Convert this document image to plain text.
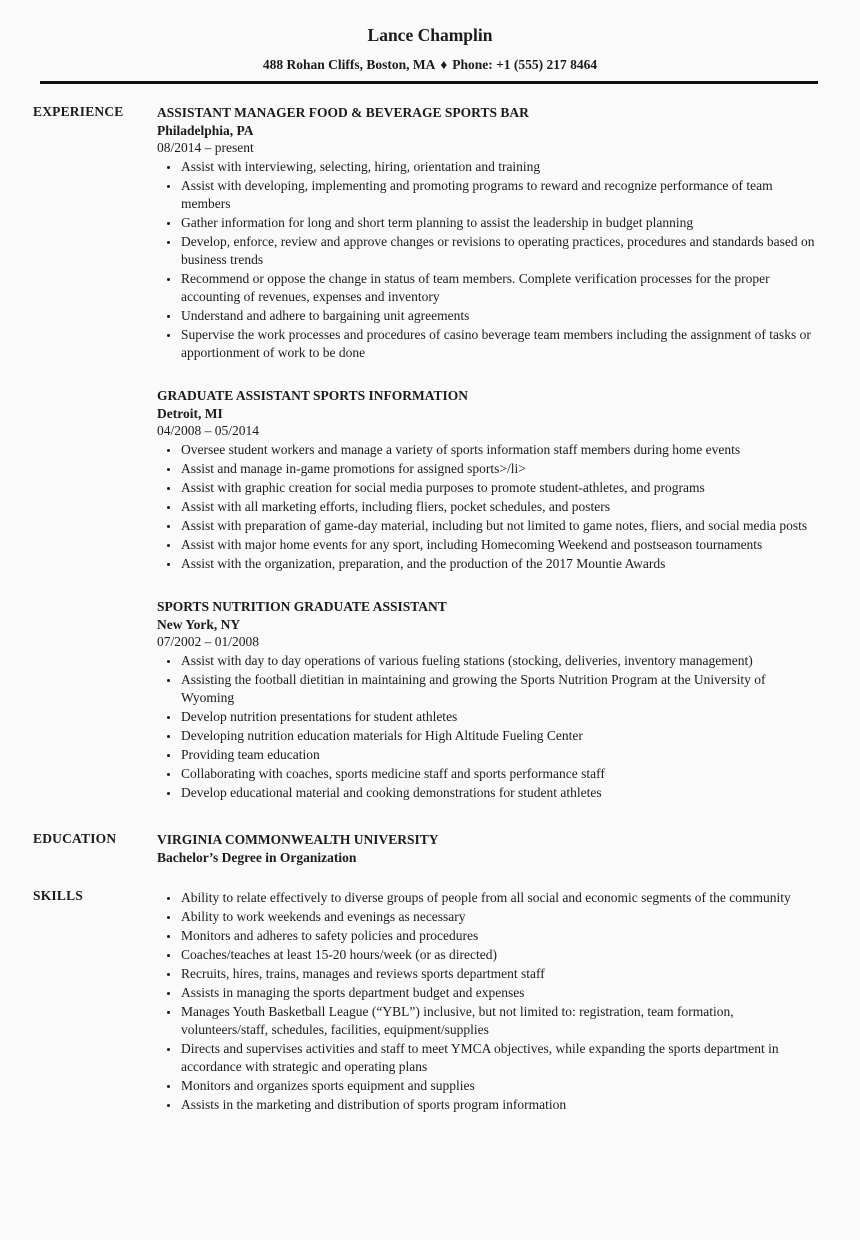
Lance Champlin
488 Rohan Cliffs, Boston, MA ♦ Phone: +1 (555) 217 8464
EXPERIENCE	ASSISTANT MANAGER FOOD & BEVERAGE SPORTS BAR
Philadelphia, PA
08/2014 – present
• Assist with interviewing, selecting, hiring, orientation and training
• Assist with developing, implementing and promoting programs to reward and recognize performance of team members
• Gather information for long and short term planning to assist the leadership in budget planning
• Develop, enforce, review and approve changes or revisions to operating practices, procedures and standards based on business trends
• Recommend or oppose the change in status of team members. Complete verification processes for the proper accounting of revenues, expenses and inventory
• Understand and adhere to bargaining unit agreements
• Supervise the work processes and procedures of casino beverage team members including the assignment of tasks or apportionment of work to be done
GRADUATE ASSISTANT SPORTS INFORMATION
Detroit, MI
04/2008 – 05/2014
• Oversee student workers and manage a variety of sports information staff members during home events
• Assist and manage in-game promotions for assigned sports>/li>
• Assist with graphic creation for social media purposes to promote student-athletes, and programs
• Assist with all marketing efforts, including fliers, pocket schedules, and posters
• Assist with preparation of game-day material, including but not limited to game notes, fliers, and social media posts
• Assist with major home events for any sport, including Homecoming Weekend and postseason tournaments
• Assist with the organization, preparation, and the production of the 2017 Mountie Awards
SPORTS NUTRITION GRADUATE ASSISTANT
New York, NY
07/2002 – 01/2008
• Assist with day to day operations of various fueling stations (stocking, deliveries, inventory management)
• Assisting the football dietitian in maintaining and growing the Sports Nutrition Program at the University of Wyoming
• Develop nutrition presentations for student athletes
• Developing nutrition education materials for High Altitude Fueling Center
• Providing team education
• Collaborating with coaches, sports medicine staff and sports performance staff
• Develop educational material and cooking demonstrations for student athletes
EDUCATION	VIRGINIA COMMONWEALTH UNIVERSITY
Bachelor’s Degree in Organization
SKILLS	• Ability to relate effectively to diverse groups of people from all social and economic segments of the community
• Ability to work weekends and evenings as necessary
• Monitors and adheres to safety policies and procedures
• Coaches/teaches at least 15-20 hours/week (or as directed)
• Recruits, hires, trains, manages and reviews sports department staff
• Assists in managing the sports department budget and expenses
• Manages Youth Basketball League (“YBL”) inclusive, but not limited to: registration, team formation, volunteers/staff, schedules, facilities, equipment/supplies
• Directs and supervises activities and staff to meet YMCA objectives, while expanding the sports department in accordance with strategic and operating plans
• Monitors and organizes sports equipment and supplies
• Assists in the marketing and distribution of sports program information
